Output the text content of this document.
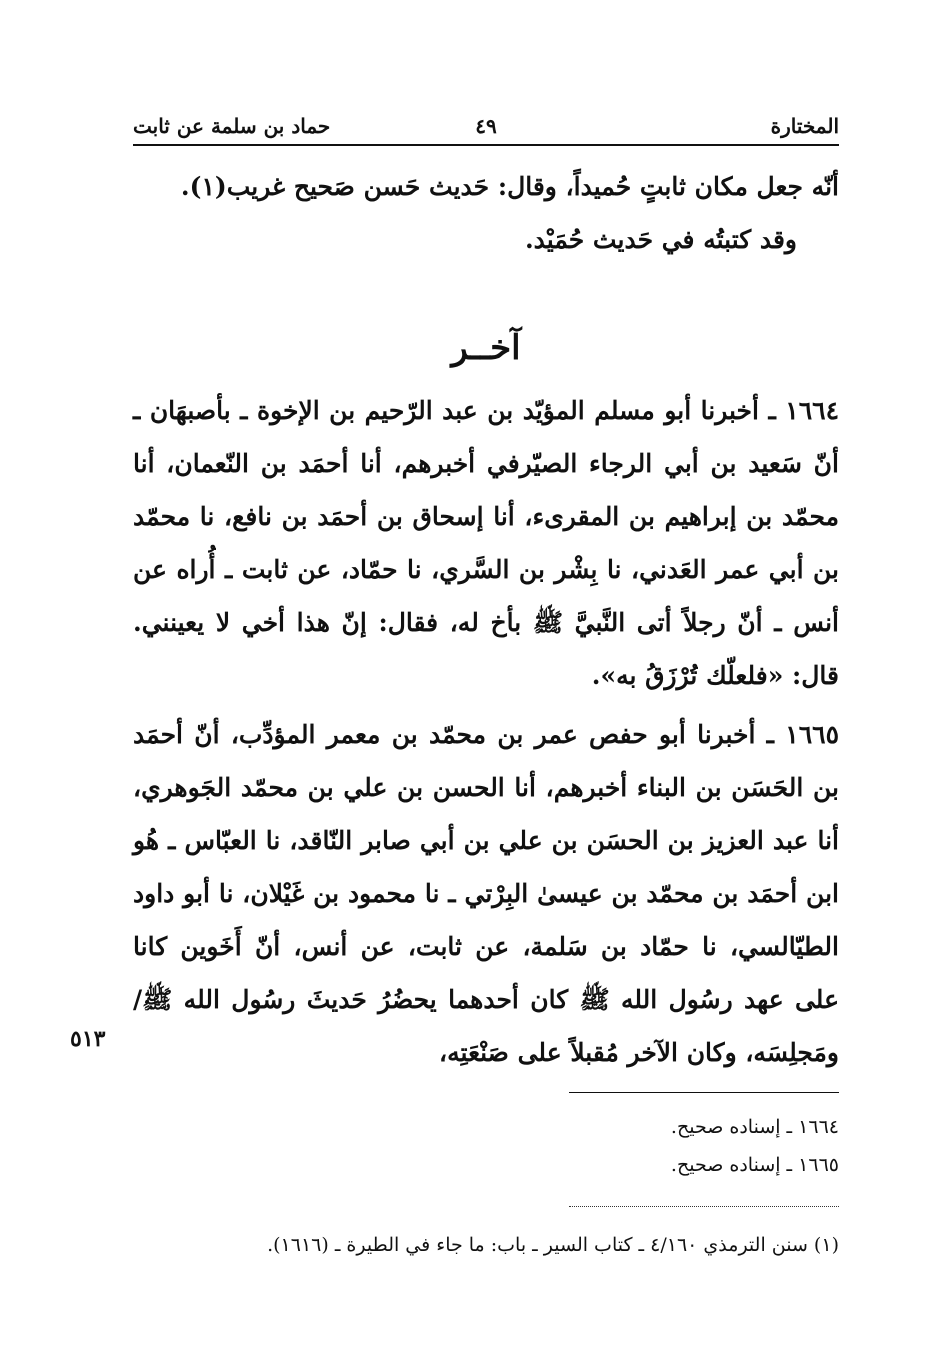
المختارة
٤٩
حماد بن سلمة عن ثابت

أنّه جعل مكان ثابتٍ حُميداً، وقال: حَديث حَسن صَحيح غريب(١).

وقد كتبتُه في حَديث حُمَيْد.

آخــر

١٦٦٤ ـ أخبرنا أبو مسلم المؤيّد بن عبد الرّحيم بن الإخوة ـ بأصبهَان ـ أنّ سَعيد بن أبي الرجاء الصيّرفي أخبرهم، أنا أحمَد بن النّعمان، أنا محمّد بن إبراهيم بن المقرىء، أنا إسحاق بن أحمَد بن نافع، نا محمّد بن أبي عمر العَدني، نا بِشْر بن السَّري، نا حمّاد، عن ثابت ـ أُراه عن أنس ـ أنّ رجلاً أتى النَّبيَّ ﷺ بأخ له، فقال: إنّ هذا أخي لا يعينني. قال: «فلعلّك تُرْزَقُ به».

١٦٦٥ ـ أخبرنا أبو حفص عمر بن محمّد بن معمر المؤدِّب، أنّ أحمَد بن الحَسَن بن البناء أخبرهم، أنا الحسن بن علي بن محمّد الجَوهري، أنا عبد العزيز بن الحسَن بن علي بن أبي صابر النّاقد، نا العبّاس ـ هُو ابن أحمَد بن محمّد بن عيسىٰ البِرْتي ـ نا محمود بن غَيْلان، نا أبو داود الطيّالسي، نا حمّاد بن سَلمة، عن ثابت، عن أنس، أنّ أَخَوين كانا على عهد رسُول الله ﷺ كان أحدهما يحضُرُ حَديثَ رسُول الله ﷺ/ ومَجلِسَه، وكان الآخر مُقبلاً على صَنْعَتِه،

٥١٣

١٦٦٤ ـ إسناده صحيح.

١٦٦٥ ـ إسناده صحيح.

(١) سنن الترمذي ٤/١٦٠ ـ كتاب السير ـ باب: ما جاء في الطيرة ـ (١٦١٦).
